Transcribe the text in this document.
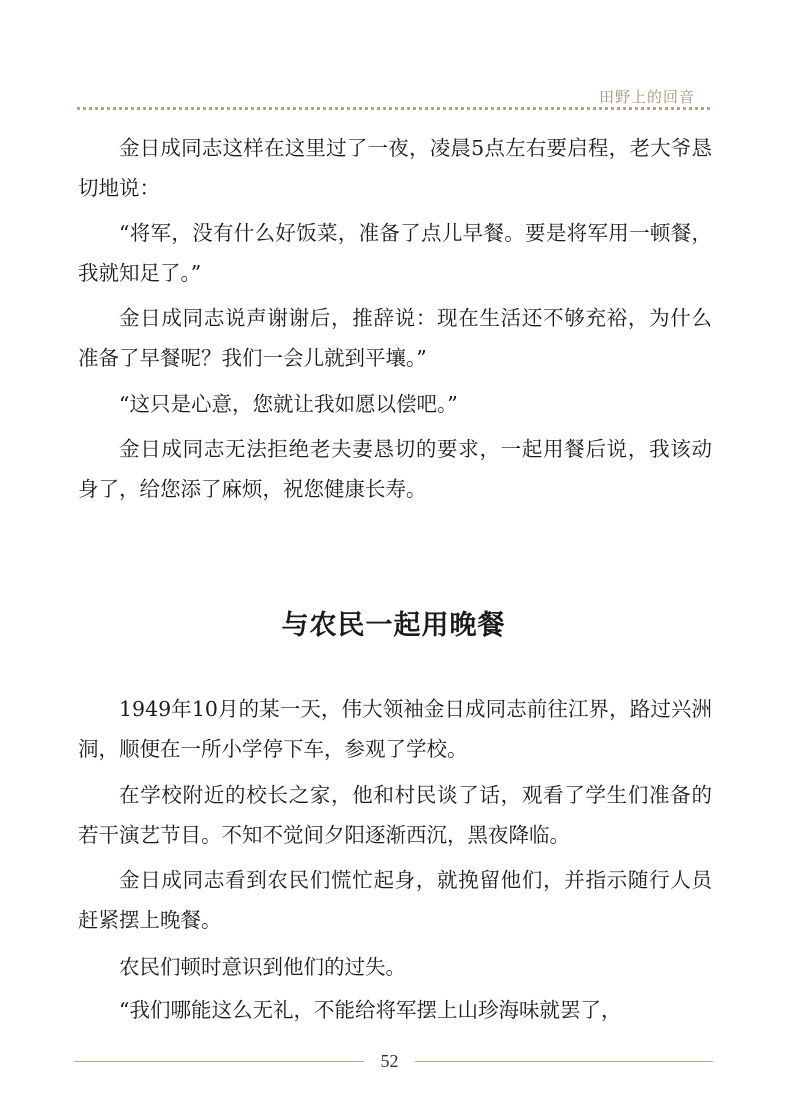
田野上的回音

金日成同志这样在这里过了一夜，凌晨5点左右要启程，老大爷恳切地说：

“将军，没有什么好饭菜，准备了点儿早餐。要是将军用一顿餐，我就知足了。”

金日成同志说声谢谢后，推辞说：现在生活还不够充裕，为什么准备了早餐呢？我们一会儿就到平壤。”

“这只是心意，您就让我如愿以偿吧。”

金日成同志无法拒绝老夫妻恳切的要求，一起用餐后说，我该动身了，给您添了麻烦，祝您健康长寿。

与农民一起用晚餐

1949年10月的某一天，伟大领袖金日成同志前往江界，路过兴洲洞，顺便在一所小学停下车，参观了学校。

在学校附近的校长之家，他和村民谈了话，观看了学生们准备的若干演艺节目。不知不觉间夕阳逐渐西沉，黑夜降临。

金日成同志看到农民们慌忙起身，就挽留他们，并指示随行人员赶紧摆上晚餐。

农民们顿时意识到他们的过失。

“我们哪能这么无礼，不能给将军摆上山珍海味就罢了，

52
